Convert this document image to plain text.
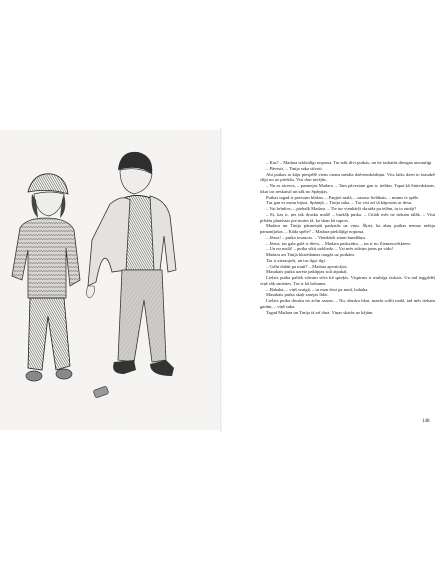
– Kas? – Madara izklaidīgi noprasa. Tur nāk divi puikas, un tie izskatās diezgan aizrautīgi.

– Pāvests, – Tinija saka stīvoti.

Abi puikas ar kāju piespēlē viens otram metāla dzērienskārbiņu. Viss laiks dzen to ieaudzē slīpi un uz priekšu. Visi dari tavējās.

– Nu es atceros, – pasmejas Madara. – Tam pāvestam gan ir, tiešām. Tapat kā Sinterkāanis, tikai tas neskaistī un sāk no Spāņijas.

Puikas tagad ir pavisam blakus. – Paņjiet malā, – uzsauc lielākais, – mums te spēle.

Tur gan es esmu bijusi, Spānijā, – Tinija saka. – Tur visi arī tā kāpostus ar desu.

– Vai brīnītos, – piebalk Madara. – Tie tur vienkārši skraida pa ielām, tu to zināji?

– Ei, kas ir, ņet tak drusku malā! – burkšķ puika. – Citādi mēs ne tiekam tālāk. – Visā pilsētu plaušstas pie mutes tā, ka skan kā rupors.

Madara un Tinija pārmeiņāt paskatās uz viņu. Šķiet, ka abas puikas nemaz nebija pamanījušas. – Kāda spēle? – Madara pieklājīgi noprasa.

– Jēzus! – puika iesaucas. – Vienkārši sitam bundžiņu.

– Jēzus, tas gala galā ir dievs, – Madara paskaidro, – tas ir no Ziemassvētkiem.

– Un nu malā! – puika sikti uzkliedz. – Vai mēs sitīsim jums pa vidu!

Madara un Tinija klusēdamas raugās uz puikām.

Tas ir aizraujoši, un tas ilgst ilgi.

– Grībi dabūt pa mutī? – Madara apvaicājas.

Masakais puika uzreiz pakāpjas soli atpakaļ.

Lielais puika paliek stāvam stīvs kā spieķis. Vispirms ir mulsīgs izskats. Un tad ieggrīdēt viņš sāk smieties. Tas ir kā brīnums.

– Hahaha, – viņš svaigā, – tu man dosi pa mutī, hahaha.

Masakais puika skaļi smejas līdzi.

Lielais puika drusku no acīm asaras. – Nu, drusku tikai, mazās solīti malā, tad mēs tiekam garām, – viņš saka.

Tagad Madara un Tinija tā arī dara. Viņas skatās uz kājām.

148
